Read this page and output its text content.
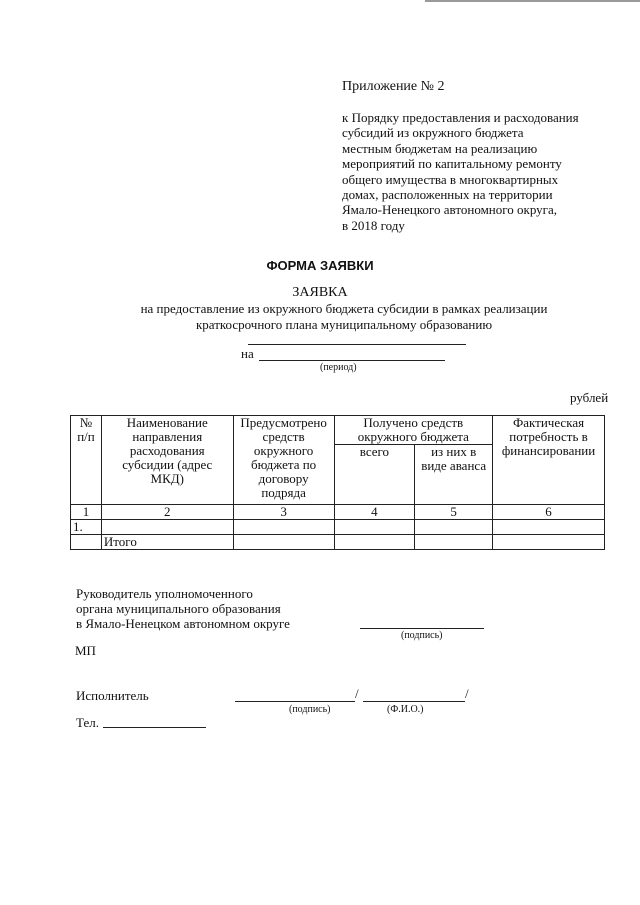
Приложение № 2
к Порядку предоставления и расходования
субсидий из окружного бюджета
местным бюджетам на реализацию
мероприятий по капитальному ремонту
общего имущества в многоквартирных
домах, расположенных на территории
Ямало-Ненецкого автономного округа,
в 2018 году
ФОРМА ЗАЯВКИ
ЗАЯВКА
на предоставление из окружного бюджета субсидии в рамках реализации
краткосрочного плана муниципальному образованию
на
(период)
рублей
№ п/п	Наименование направления расходования субсидии (адрес МКД)	Предусмотрено средств окружного бюджета по договору подряда	Получено средств окружного бюджета		Фактическая потребность в финансировании
			всего	из них в виде аванса	
1	2	3	4	5	6
1.					
	Итого				
Руководитель уполномоченного
органа муниципального образования
в Ямало-Ненецком автономном округе
(подпись)
МП
Исполнитель	/	/
(подпись)	(Ф.И.О.)
Тел.
